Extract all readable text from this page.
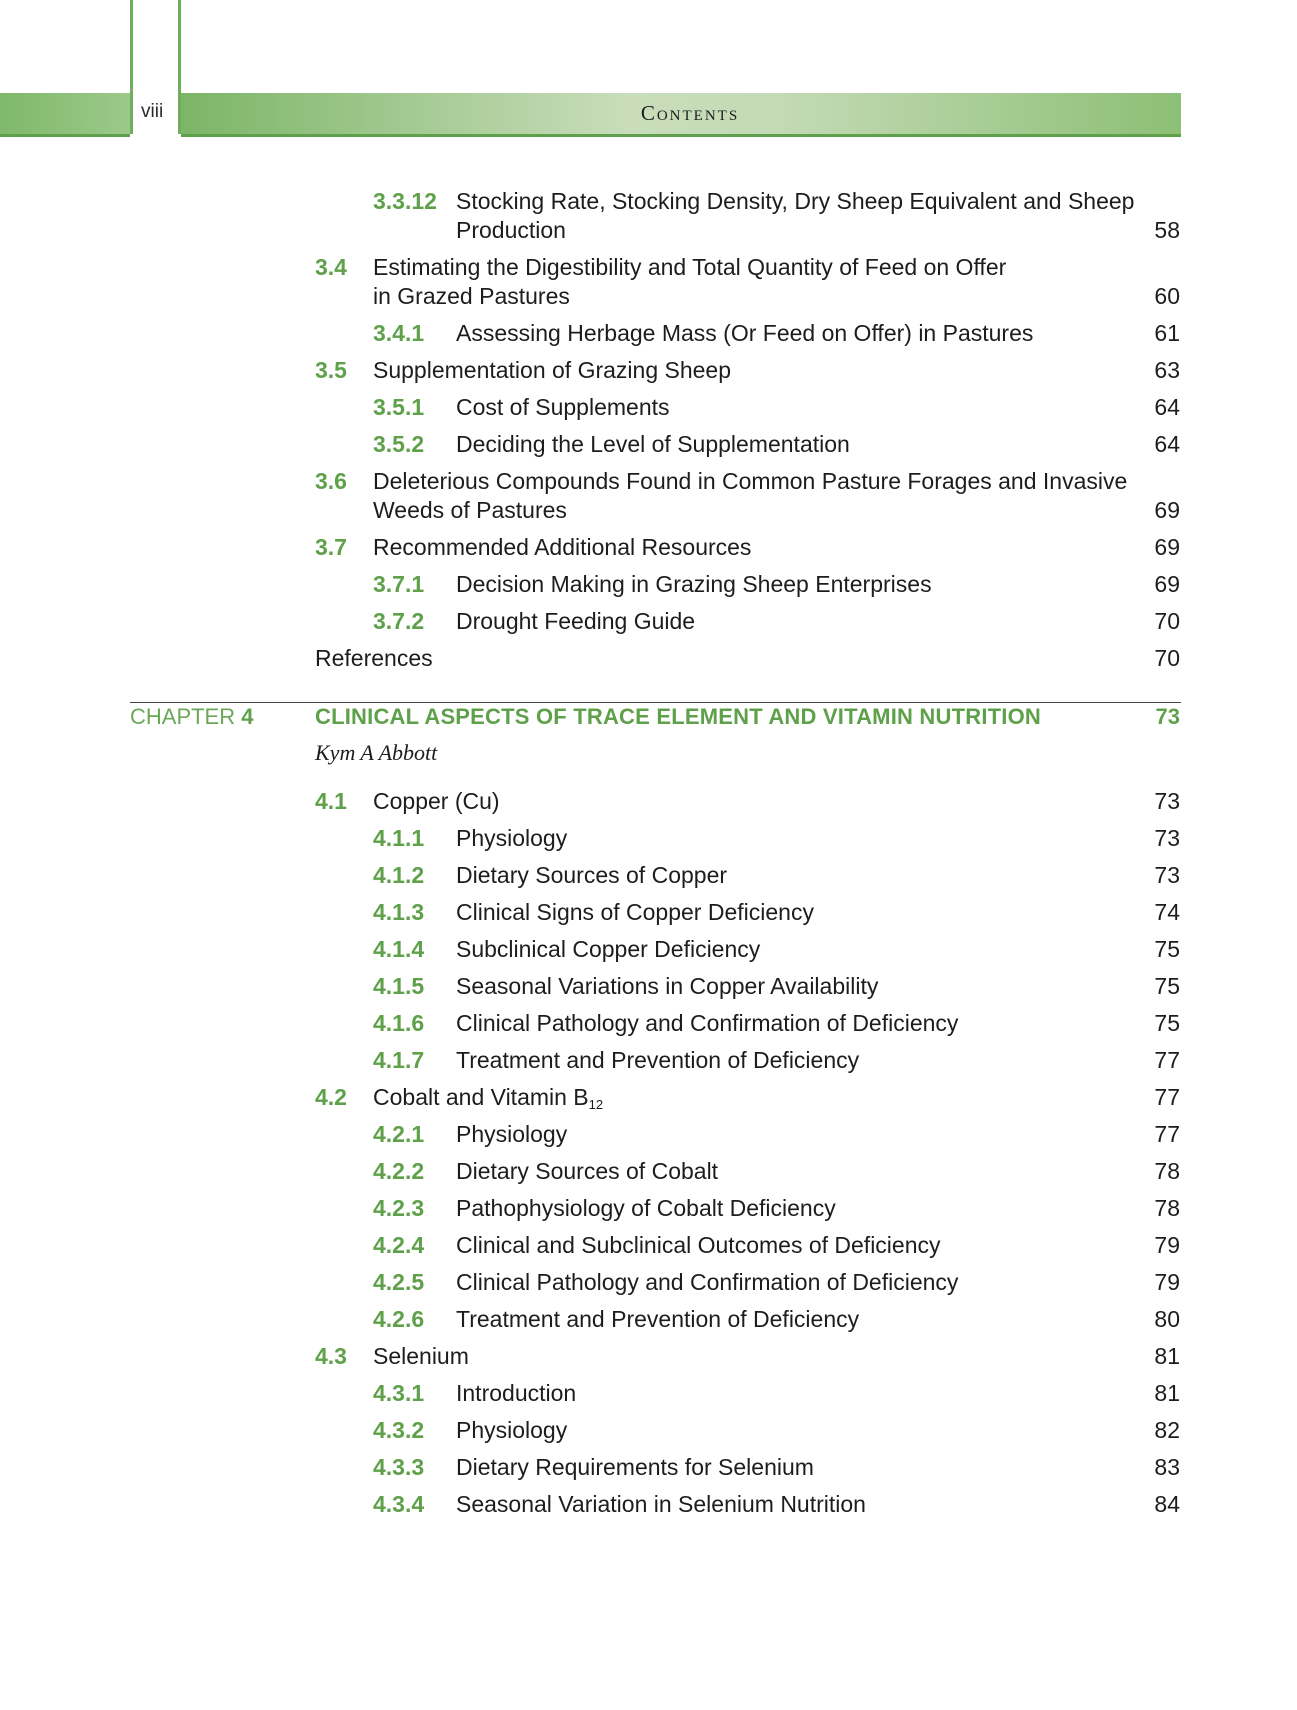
viii	Contents
3.3.12 Stocking Rate, Stocking Density, Dry Sheep Equivalent and Sheep
Production	58
3.4 Estimating the Digestibility and Total Quantity of Feed on Offer
in Grazed Pastures	60
3.4.1 Assessing Herbage Mass (Or Feed on Offer) in Pastures	61
3.5 Supplementation of Grazing Sheep	63
3.5.1 Cost of Supplements	64
3.5.2 Deciding the Level of Supplementation	64
3.6 Deleterious Compounds Found in Common Pasture Forages and Invasive
Weeds of Pastures	69
3.7 Recommended Additional Resources	69
3.7.1 Decision Making in Grazing Sheep Enterprises	69
3.7.2 Drought Feeding Guide	70
References	70
CHAPTER 4	CLINICAL ASPECTS OF TRACE ELEMENT AND VITAMIN NUTRITION	73
Kym A Abbott
4.1 Copper (Cu)	73
4.1.1 Physiology	73
4.1.2 Dietary Sources of Copper	73
4.1.3 Clinical Signs of Copper Deficiency	74
4.1.4 Subclinical Copper Deficiency	75
4.1.5 Seasonal Variations in Copper Availability	75
4.1.6 Clinical Pathology and Confirmation of Deficiency	75
4.1.7 Treatment and Prevention of Deficiency	77
4.2 Cobalt and Vitamin $B_{12}$	77
4.2.1 Physiology	77
4.2.2 Dietary Sources of Cobalt	78
4.2.3 Pathophysiology of Cobalt Deficiency	78
4.2.4 Clinical and Subclinical Outcomes of Deficiency	79
4.2.5 Clinical Pathology and Confirmation of Deficiency	79
4.2.6 Treatment and Prevention of Deficiency	80
4.3 Selenium	81
4.3.1 Introduction	81
4.3.2 Physiology	82
4.3.3 Dietary Requirements for Selenium	83
4.3.4 Seasonal Variation in Selenium Nutrition	84
